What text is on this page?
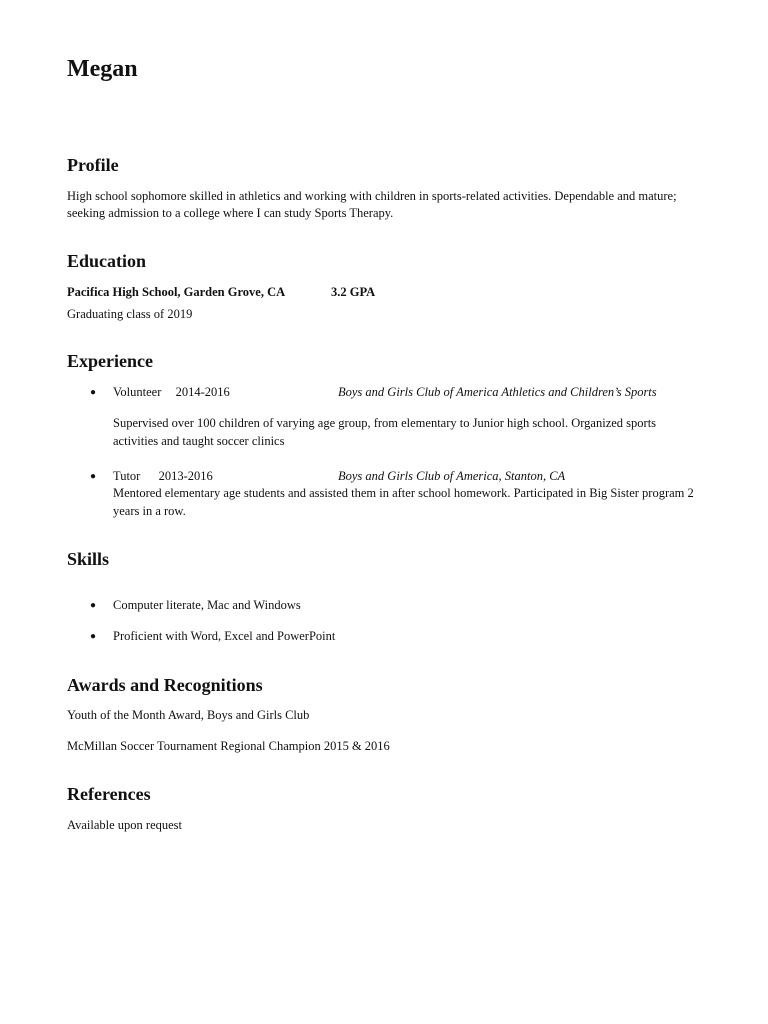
Megan
Profile

High school sophomore skilled in athletics and working with children in sports-related activities. Dependable and mature; seeking admission to a college where I can study Sports Therapy.

Education

Pacifica High School, Garden Grove, CA	3.2 GPA

Graduating class of 2019

Experience
● Volunteer 2014-2016	Boys and Girls Club of America Athletics and Children’s Sports

Supervised over 100 children of varying age group, from elementary to Junior high school. Organized sports activities and taught soccer clinics

● Tutor 2013-2016	Boys and Girls Club of America, Stanton, CA

Mentored elementary age students and assisted them in after school homework. Participated in Big Sister program 2 years in a row.

Skills
● Computer literate, Mac and Windows
● Proficient with Word, Excel and PowerPoint
Awards and Recognitions

Youth of the Month Award, Boys and Girls Club

McMillan Soccer Tournament Regional Champion 2015 & 2016

References

Available upon request
